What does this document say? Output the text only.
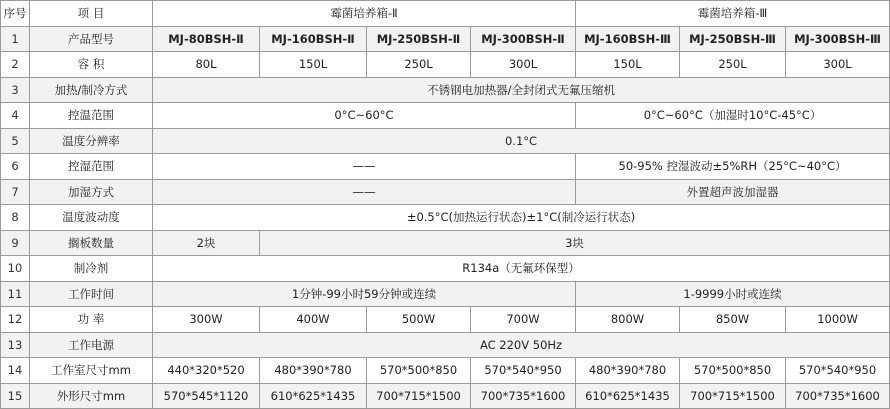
序号	项 目	霉菌培养箱-Ⅱ				霉菌培养箱-Ⅲ		
1	产品型号	MJ-80BSH-Ⅱ	MJ-160BSH-Ⅱ	MJ-250BSH-Ⅱ	MJ-300BSH-Ⅱ	MJ-160BSH-Ⅲ	MJ-250BSH-Ⅲ	MJ-300BSH-Ⅲ
2	容 积	80L	150L	250L	300L	150L	250L	300L
3	加热/制冷方式	不锈钢电加热器/全封闭式无氟压缩机						
4	控温范围	0°C~60°C				0°C~60°C（加湿时10°C-45°C）		
5	温度分辨率	0.1°C						
6	控湿范围	——				50-95% 控湿波动±5%RH（25°C~40°C）		
7	加湿方式	——				外置超声波加湿器		
8	温度波动度	±0.5°C(加热运行状态)±1°C(制冷运行状态)						
9	搁板数量	2块	3块					
10	制冷剂	R134a（无氟环保型）						
11	工作时间	1分钟-99小时59分钟或连续				1-9999小时或连续		
12	功 率	300W	400W	500W	700W	800W	850W	1000W
13	工作电源	AC 220V 50Hz						
14	工作室尺寸mm	440*320*520	480*390*780	570*500*850	570*540*950	480*390*780	570*500*850	570*540*950
15	外形尺寸mm	570*545*1120	610*625*1435	700*715*1500	700*735*1600	610*625*1435	700*715*1500	700*735*1600
